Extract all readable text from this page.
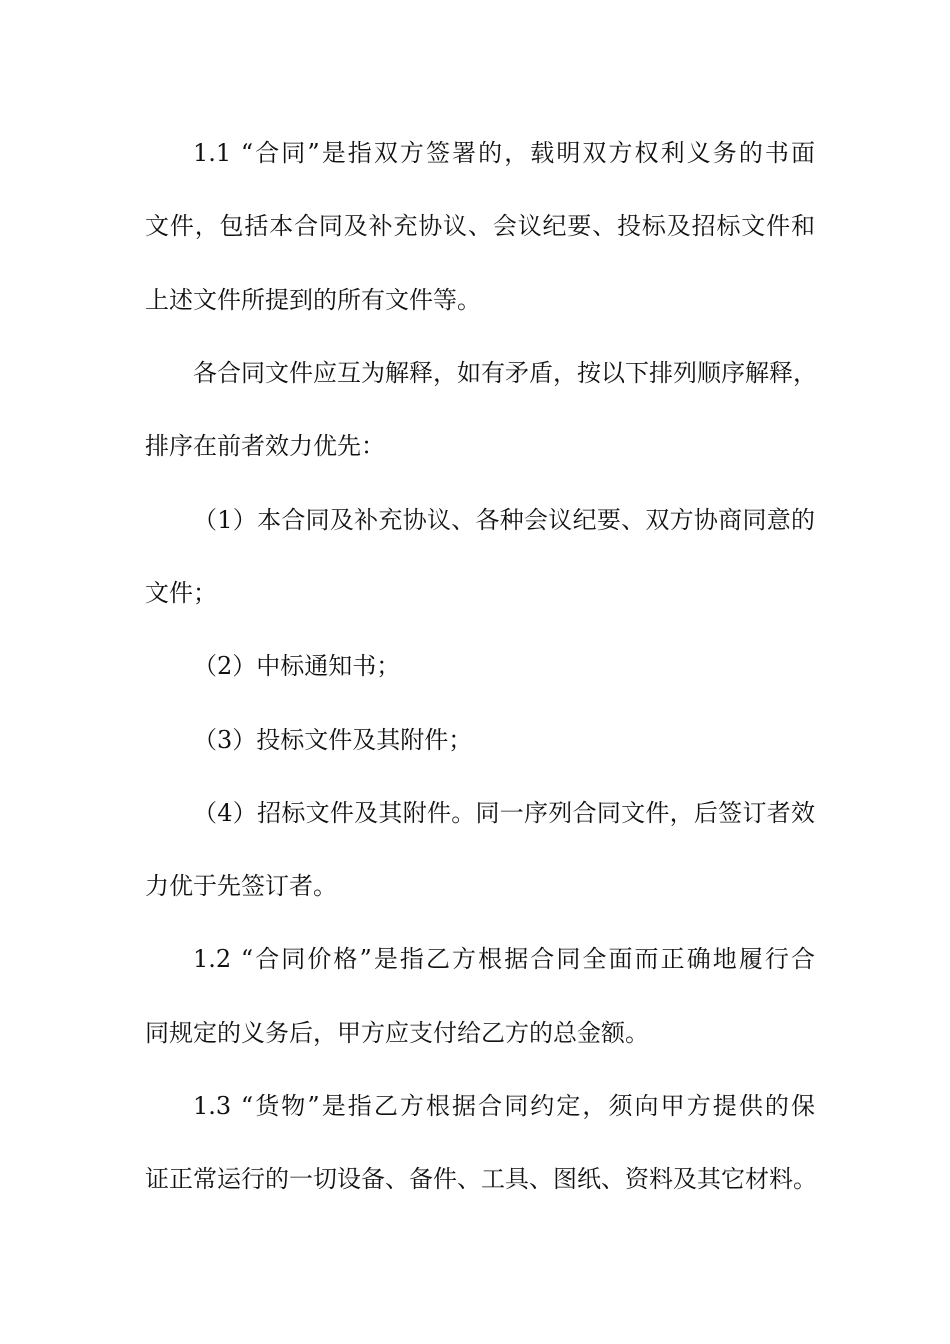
1.1 “合同”是指双方签署的，载明双方权利义务的书面
文件，包括本合同及补充协议、会议纪要、投标及招标文件和
上述文件所提到的所有文件等。
各合同文件应互为解释，如有矛盾，按以下排列顺序解释，
排序在前者效力优先：
（1）本合同及补充协议、各种会议纪要、双方协商同意的
文件；
（2）中标通知书；
（3）投标文件及其附件；
（4）招标文件及其附件。同一序列合同文件，后签订者效
力优于先签订者。
1.2 “合同价格”是指乙方根据合同全面而正确地履行合
同规定的义务后，甲方应支付给乙方的总金额。
1.3 “货物”是指乙方根据合同约定，须向甲方提供的保
证正常运行的一切设备、备件、工具、图纸、资料及其它材料。
